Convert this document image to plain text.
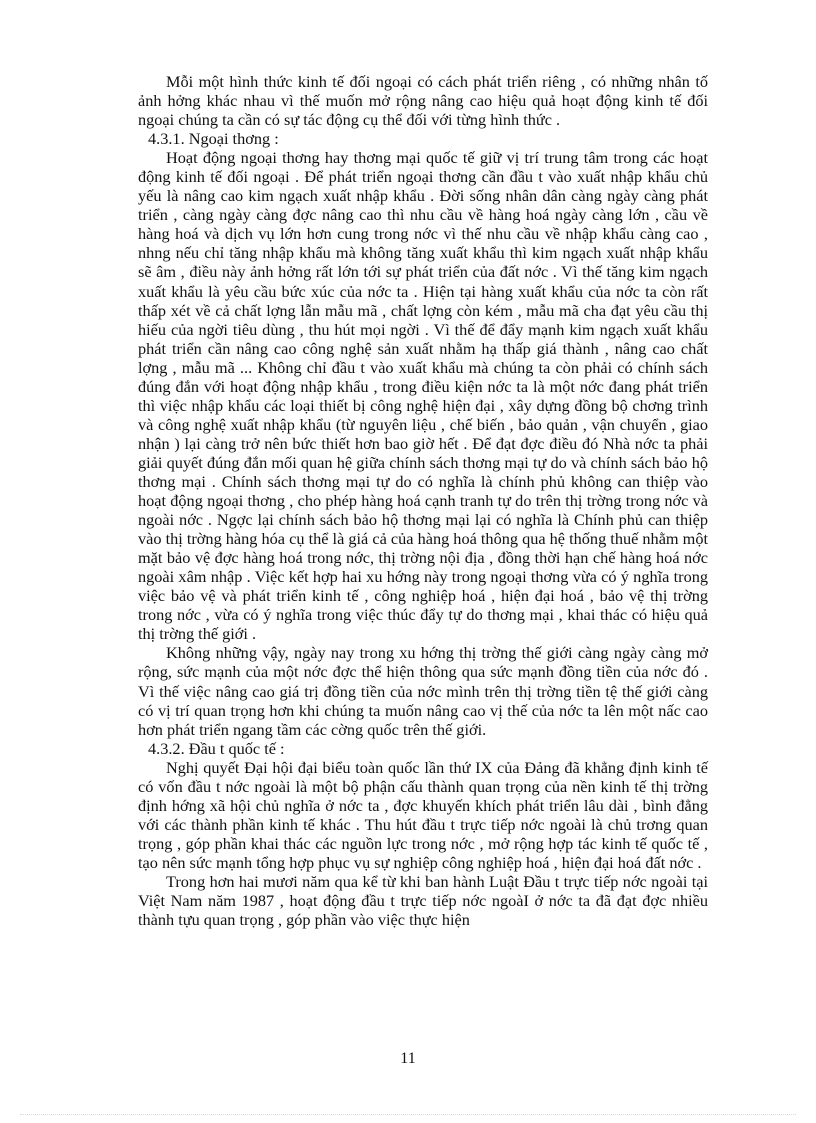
Mỗi một hình thức kinh tế đối ngoại có cách phát triển riêng , có những nhân tố ảnh hởng khác nhau vì thế muốn mở rộng nâng cao hiệu quả hoạt động kinh tế đối ngoại chúng ta cần có sự tác động cụ thể đối với từng hình thức .

4.3.1. Ngoại thơng :

Hoạt động ngoại thơng hay thơng mại quốc tế giữ vị trí trung tâm trong các hoạt động kinh tế đối ngoại . Để phát triển ngoại thơng cần đầu t vào xuất nhập khẩu chủ yếu là nâng cao kim ngạch xuất nhập khẩu . Đời sống nhân dân càng ngày càng phát triển , càng ngày càng đợc nâng cao thì nhu cầu về hàng hoá ngày càng lớn , cầu về hàng hoá và dịch vụ lớn hơn cung trong nớc vì thế nhu cầu về nhập khẩu càng cao , nhng nếu chỉ tăng nhập khẩu mà không tăng xuất khẩu thì kim ngạch xuất nhập khẩu sẽ âm , điều này ảnh hởng rất lớn tới sự phát triển của đất nớc . Vì thế tăng kim ngạch xuất khẩu là yêu cầu bức xúc của nớc ta . Hiện tại hàng xuất khẩu của nớc ta còn rất thấp xét về cả chất lợng lẫn mẫu mã , chất lợng còn kém , mẫu mã cha đạt yêu cầu thị hiếu của ngời tiêu dùng , thu hút mọi ngời . Vì thế để đẩy mạnh kim ngạch xuất khẩu phát triển cần nâng cao công nghệ sản xuất nhằm hạ thấp giá thành , nâng cao chất lợng , mẫu mã ... Không chỉ đầu t vào xuất khẩu mà chúng ta còn phải có chính sách đúng đắn với hoạt động nhập khẩu , trong điều kiện nớc ta là một nớc đang phát triển thì việc nhập khẩu các loại thiết bị công nghệ hiện đại , xây dựng đồng bộ chơng trình và công nghệ xuất nhập khẩu (từ nguyên liệu , chế biến , bảo quản , vận chuyển , giao nhận ) lại càng trở nên bức thiết hơn bao giờ hết . Để đạt đợc điều đó Nhà nớc ta phải giải quyết đúng đắn mối quan hệ giữa chính sách thơng mại tự do và chính sách bảo hộ thơng mại . Chính sách thơng mại tự do có nghĩa là chính phủ không can thiệp vào hoạt động ngoại thơng , cho phép hàng hoá cạnh tranh tự do trên thị trờng trong nớc và ngoài nớc . Ngợc lại chính sách bảo hộ thơng mại lại có nghĩa là Chính phủ can thiệp vào thị trờng hàng hóa cụ thể là giá cả của hàng hoá thông qua hệ thống thuế nhằm một mặt bảo vệ đợc hàng hoá trong nớc, thị trờng nội địa , đồng thời hạn chế hàng hoá nớc ngoài xâm nhập . Việc kết hợp hai xu hớng này trong ngoại thơng vừa có ý nghĩa trong việc bảo vệ và phát triển kinh tế , công nghiệp hoá , hiện đại hoá , bảo vệ thị trờng trong nớc , vừa có ý nghĩa trong việc thúc đẩy tự do thơng mại , khai thác có hiệu quả thị trờng thế giới .

Không những vậy, ngày nay trong xu hớng thị trờng thế giới càng ngày càng mở rộng, sức mạnh của một nớc đợc thể hiện thông qua sức mạnh đồng tiền của nớc đó . Vì thế việc nâng cao giá trị đồng tiền của nớc mình trên thị trờng tiền tệ thế giới càng có vị trí quan trọng hơn khi chúng ta muốn nâng cao vị thế của nớc ta lên một nấc cao hơn phát triển ngang tầm các cờng quốc trên thế giới.

4.3.2. Đầu t quốc tế :

Nghị quyết Đại hội đại biểu toàn quốc lần thứ IX của Đảng đã khẳng định kinh tế có vốn đầu t nớc ngoài là một bộ phận cấu thành quan trọng của nền kinh tế thị trờng định hớng xã hội chủ nghĩa ở nớc ta , đợc khuyến khích phát triển lâu dài , bình đẳng với các thành phần kinh tế khác . Thu hút đầu t trực tiếp nớc ngoài là chủ trơng quan trọng , góp phần khai thác các nguồn lực trong nớc , mở rộng hợp tác kinh tế quốc tế , tạo nên sức mạnh tổng hợp phục vụ sự nghiệp công nghiệp hoá , hiện đại hoá đất nớc .

Trong hơn hai mươi năm qua kể từ khi ban hành Luật Đầu t trực tiếp nớc ngoài tại Việt Nam năm 1987 , hoạt động đầu t trực tiếp nớc ngoàI ở nớc ta đã đạt đợc nhiều thành tựu quan trọng , góp phần vào việc thực hiện

11
